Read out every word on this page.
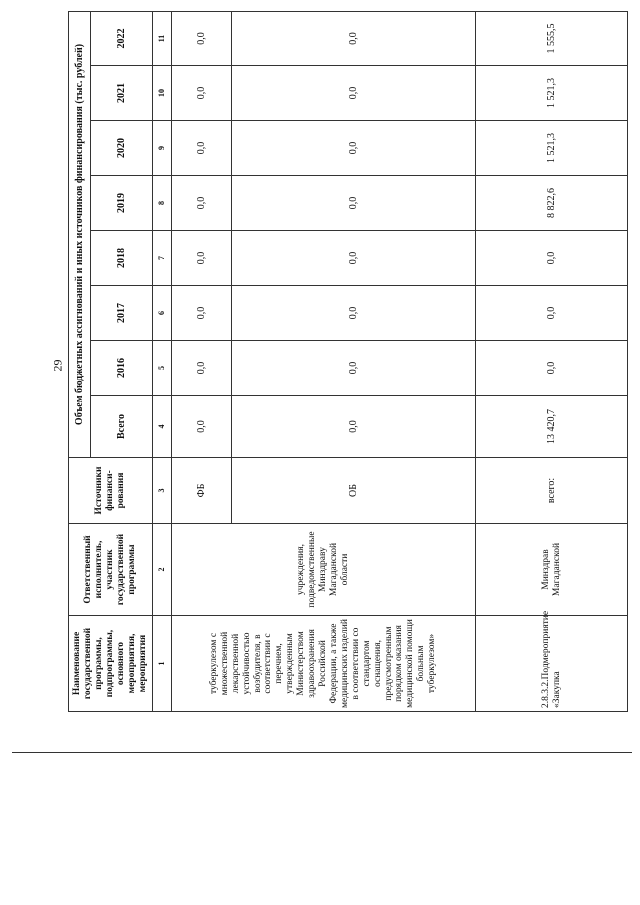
29
Наименование государственной программы, подпрограммы, основного мероприятия, мероприятия	Ответственный исполнитель, участник государственной программы	Источники финанси-рования	Объем бюджетных ассигнований и иных источников финансирования (тыс. рублей)							
			Всего	2016	2017	2018	2019	2020	2021	2022
1	2	3	4	5	6	7	8	9	10	11
туберкулезом с множественной лекарственной устойчивостью возбудителя, в соответствии с перечнем, утвержденным Министерством здравоохранения Российской Федерации, а также медицинских изделий в соответствии со стандартом оснащения, предусмотренным порядком оказания медицинской помощи больным туберкулезом»	учреждения, подведомственные Минздраву Магаданской области	ФБ	0,0	0,0	0,0	0,0	0,0	0,0	0,0	0,0
		ОБ	0,0	0,0	0,0	0,0	0,0	0,0	0,0	0,0
2.8.3.2.Подмероприятие «Закупка	Минздрав Магаданской	всего:	13 420,7	0,0	0,0	0,0	8 822,6	1 521,3	1 521,3	1 555,5
